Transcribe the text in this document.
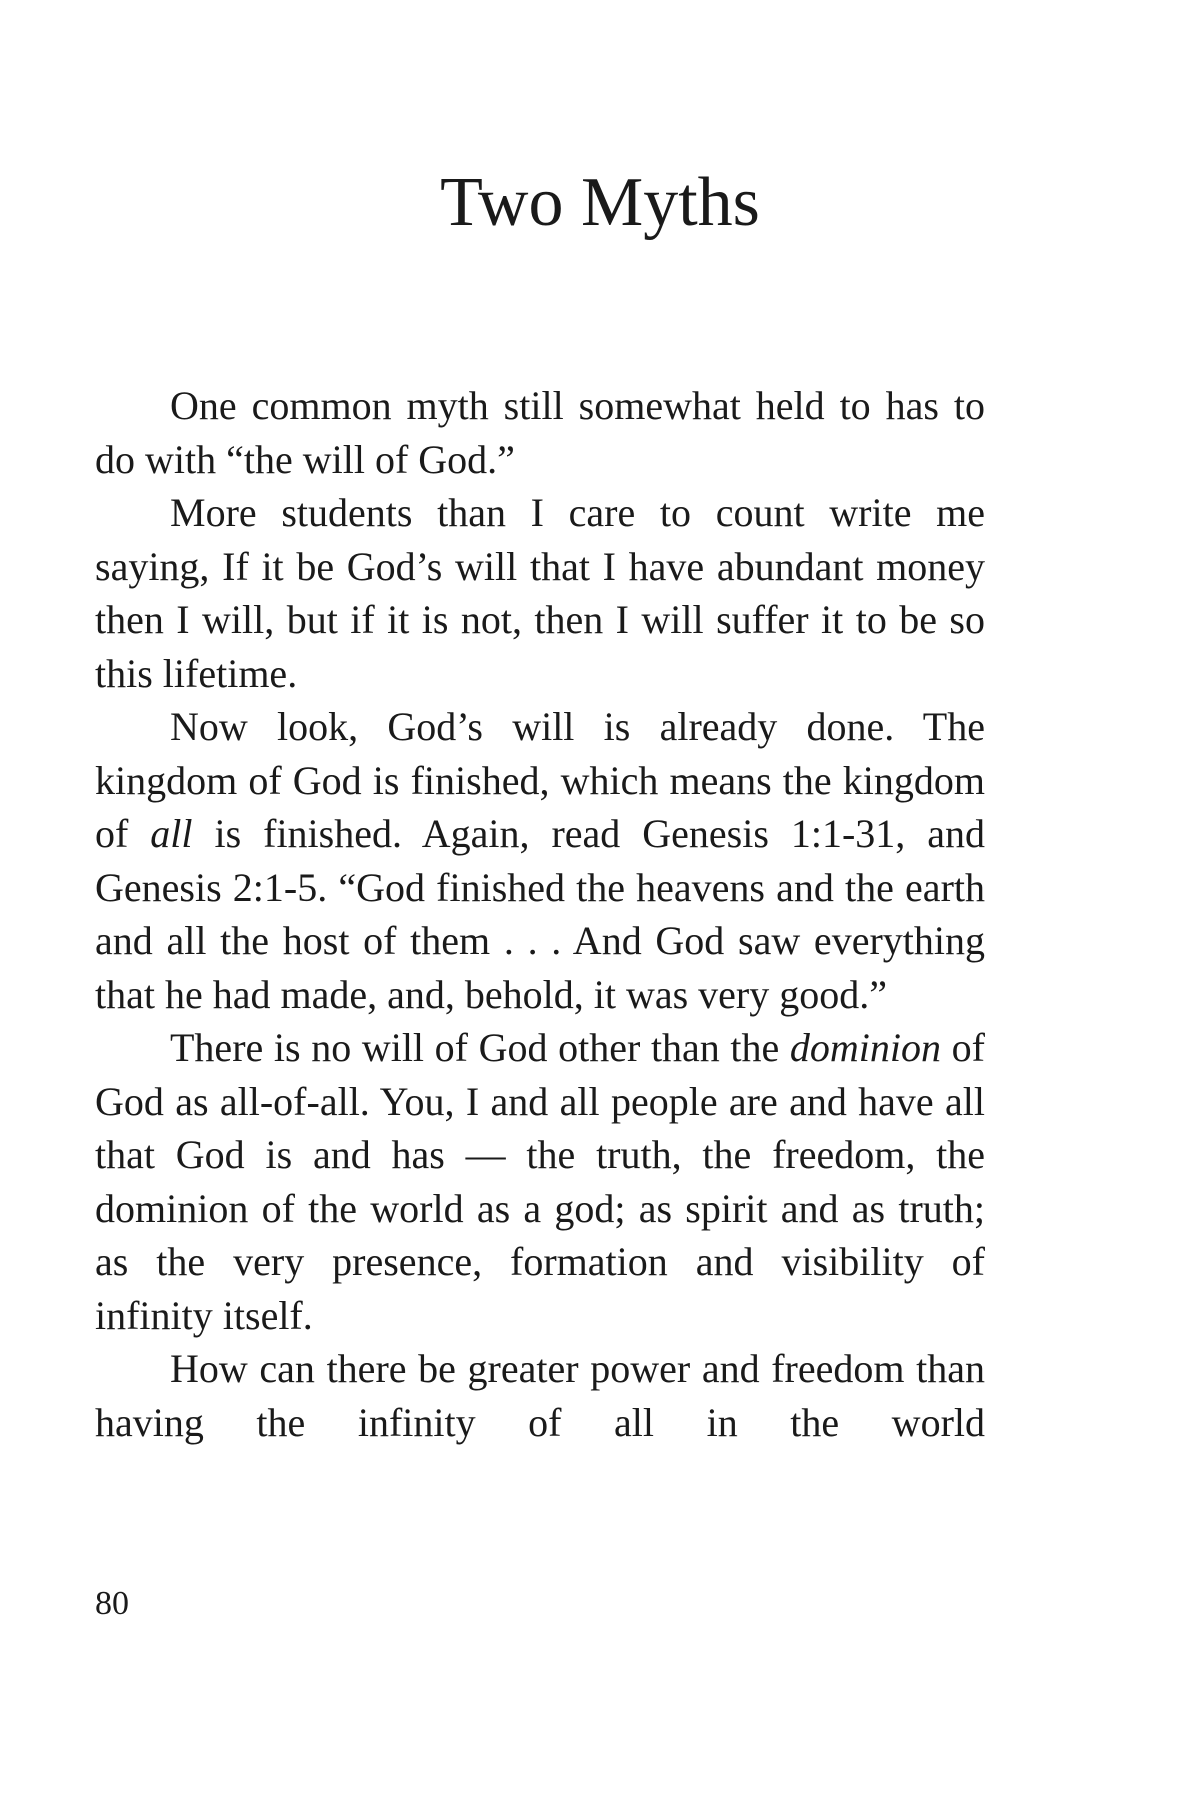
Two Myths

One common myth still somewhat held to has to do with “the will of God.”

More students than I care to count write me saying, If it be God’s will that I have abundant money then I will, but if it is not, then I will suffer it to be so this lifetime.

Now look, God’s will is already done. The kingdom of God is finished, which means the kingdom of all is finished. Again, read Genesis 1:1-31, and Genesis 2:1-5. “God finished the heavens and the earth and all the host of them . . . And God saw everything that he had made, and, behold, it was very good.”

There is no will of God other than the dominion of God as all-of-all. You, I and all people are and have all that God is and has — the truth, the freedom, the dominion of the world as a god; as spirit and as truth; as the very presence, formation and visibility of infinity itself.

How can there be greater power and freedom than having the infinity of all in the world

80
